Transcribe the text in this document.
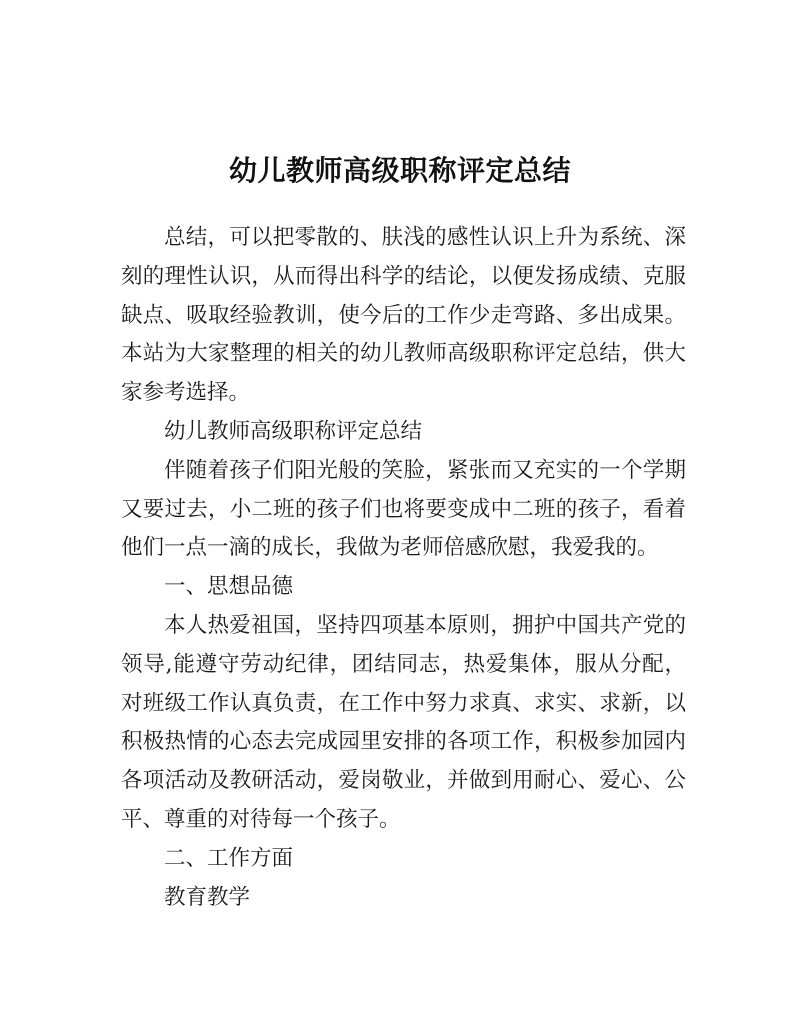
幼儿教师高级职称评定总结

总结，可以把零散的、肤浅的感性认识上升为系统、深刻的理性认识，从而得出科学的结论，以便发扬成绩、克服缺点、吸取经验教训，使今后的工作少走弯路、多出成果。本站为大家整理的相关的幼儿教师高级职称评定总结，供大家参考选择。

幼儿教师高级职称评定总结

伴随着孩子们阳光般的笑脸，紧张而又充实的一个学期又要过去，小二班的孩子们也将要变成中二班的孩子，看着他们一点一滴的成长，我做为老师倍感欣慰，我爱我的。

一、思想品德

本人热爱祖国，坚持四项基本原则，拥护中国共产党的领导,能遵守劳动纪律，团结同志，热爱集体，服从分配，对班级工作认真负责，在工作中努力求真、求实、求新，以积极热情的心态去完成园里安排的各项工作，积极参加园内各项活动及教研活动，爱岗敬业，并做到用耐心、爱心、公平、尊重的对待每一个孩子。

二、工作方面

教育教学
